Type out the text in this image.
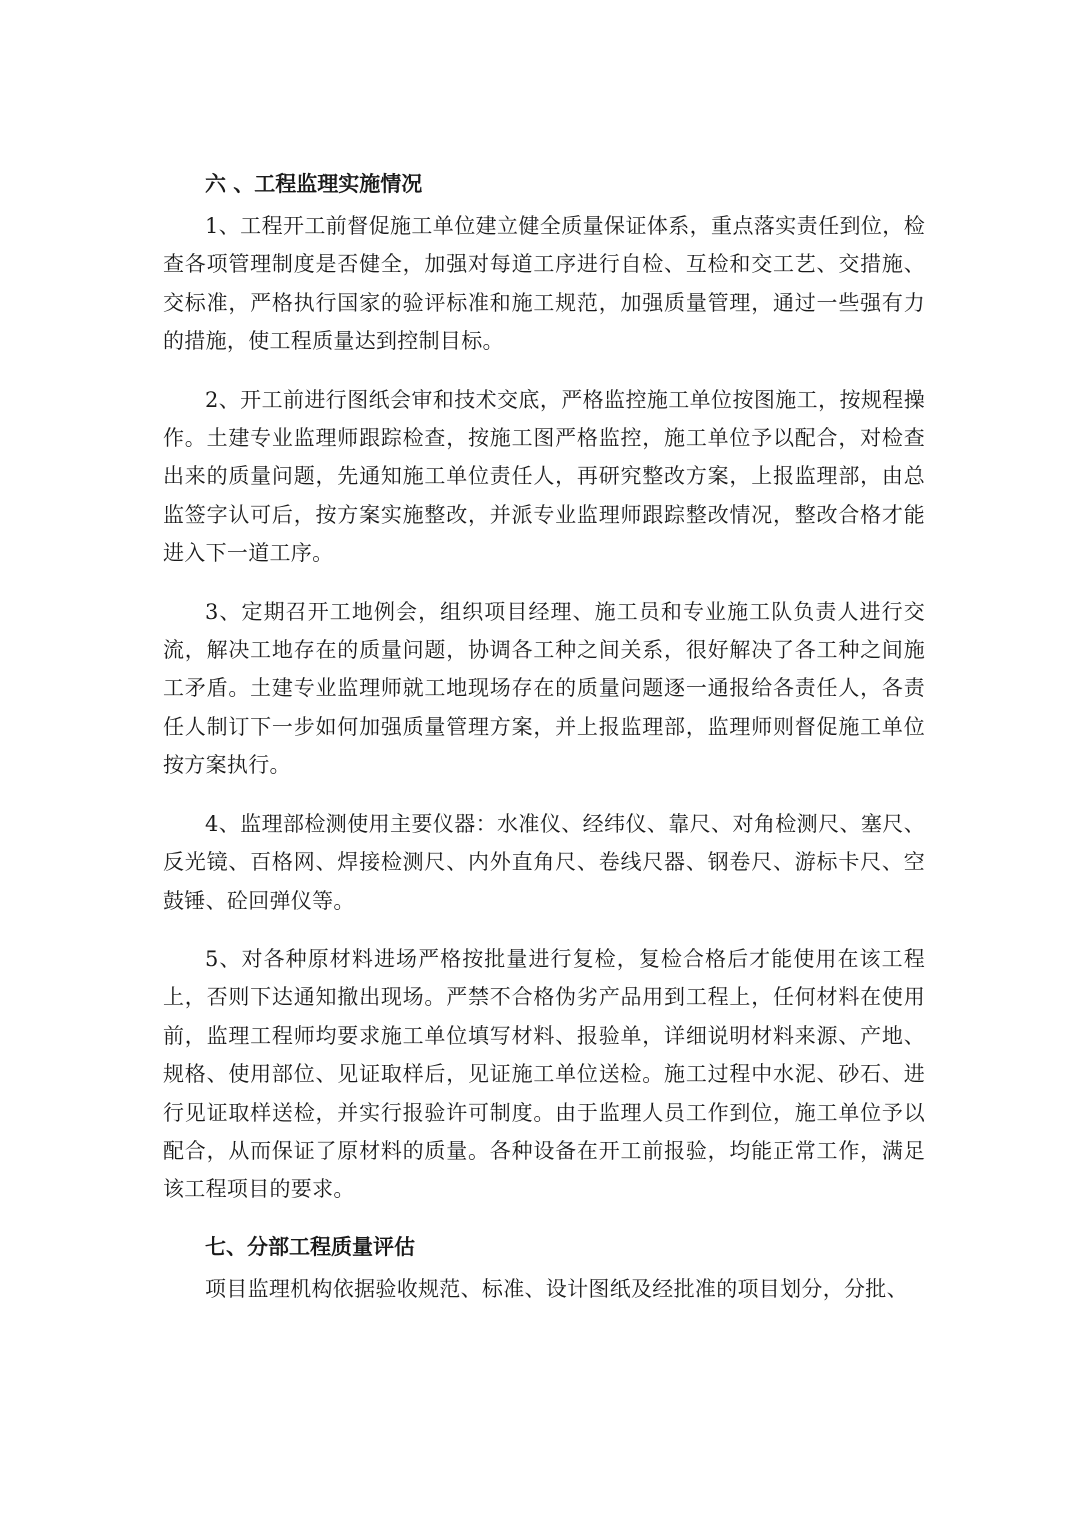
六 、工程监理实施情况

1、工程开工前督促施工单位建立健全质量保证体系，重点落实责任到位，检查各项管理制度是否健全，加强对每道工序进行自检、互检和交工艺、交措施、交标准，严格执行国家的验评标准和施工规范，加强质量管理，通过一些强有力的措施，使工程质量达到控制目标。

2、开工前进行图纸会审和技术交底，严格监控施工单位按图施工，按规程操作。土建专业监理师跟踪检查，按施工图严格监控，施工单位予以配合，对检查出来的质量问题，先通知施工单位责任人，再研究整改方案，上报监理部，由总监签字认可后，按方案实施整改，并派专业监理师跟踪整改情况，整改合格才能进入下一道工序。

3、定期召开工地例会，组织项目经理、施工员和专业施工队负责人进行交流，解决工地存在的质量问题，协调各工种之间关系，很好解决了各工种之间施工矛盾。土建专业监理师就工地现场存在的质量问题逐一通报给各责任人，各责任人制订下一步如何加强质量管理方案，并上报监理部，监理师则督促施工单位按方案执行。

4、监理部检测使用主要仪器：水准仪、经纬仪、靠尺、对角检测尺、塞尺、反光镜、百格网、焊接检测尺、内外直角尺、卷线尺器、钢卷尺、游标卡尺、空鼓锤、砼回弹仪等。

5、对各种原材料进场严格按批量进行复检，复检合格后才能使用在该工程上，否则下达通知撤出现场。严禁不合格伪劣产品用到工程上，任何材料在使用前，监理工程师均要求施工单位填写材料、报验单，详细说明材料来源、产地、规格、使用部位、见证取样后，见证施工单位送检。施工过程中水泥、砂石、进行见证取样送检，并实行报验许可制度。由于监理人员工作到位，施工单位予以配合，从而保证了原材料的质量。各种设备在开工前报验，均能正常工作，满足该工程项目的要求。

七、分部工程质量评估

项目监理机构依据验收规范、标准、设计图纸及经批准的项目划分，分批、
